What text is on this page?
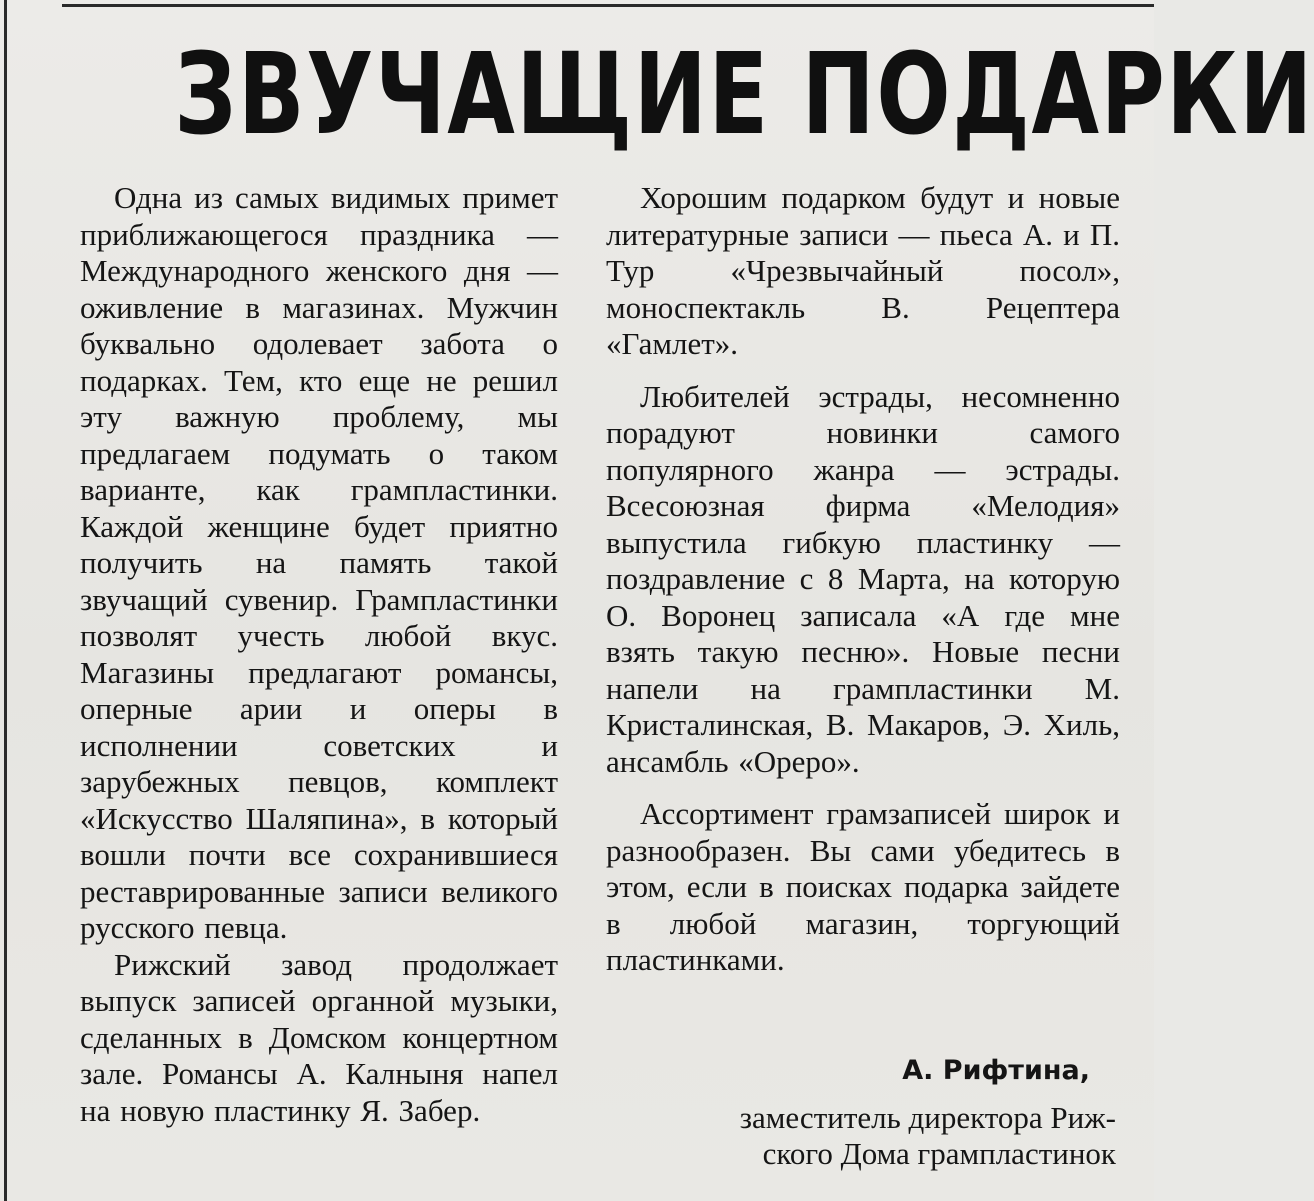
ЗВУЧАЩИЕ ПОДАРКИ

Одна из самых видимых примет приближающегося праздника — Международного женского дня — оживление в магазинах. Мужчин буквально одолевает забота о подарках. Тем, кто еще не решил эту важную проблему, мы предлагаем подумать о таком варианте, как грампластинки. Каждой женщине будет приятно получить на память такой звучащий сувенир. Грампластинки позволят учесть любой вкус. Магазины предлагают романсы, оперные арии и оперы в исполнении советских и зарубежных певцов, комплект «Искусство Шаляпина», в который вошли почти все сохранившиеся реставрированные записи великого русского певца.

Рижский завод продолжает выпуск записей органной музыки, сделанных в Домском концертном зале. Романсы А. Калныня напел на новую пластинку Я. Забер.

Хорошим подарком будут и новые литературные записи — пьеса А. и П. Тур «Чрезвычайный посол», моноспектакль В. Рецептера «Гамлет».

Любителей эстрады, несомненно порадуют новинки самого популярного жанра — эстрады. Всесоюзная фирма «Мелодия» выпустила гибкую пластинку — поздравление с 8 Марта, на которую О. Воронец записала «А где мне взять такую песню». Новые песни напели на грампластинки М. Кристалинская, В. Макаров, Э. Хиль, ансамбль «Ореро».

Ассортимент грамзаписей широк и разнообразен. Вы сами убедитесь в этом, если в поисках подарка зайдете в любой магазин, торгующий пластинками.

А. Рифтина,

заместитель директора Риж-
ского Дома грампластинок
